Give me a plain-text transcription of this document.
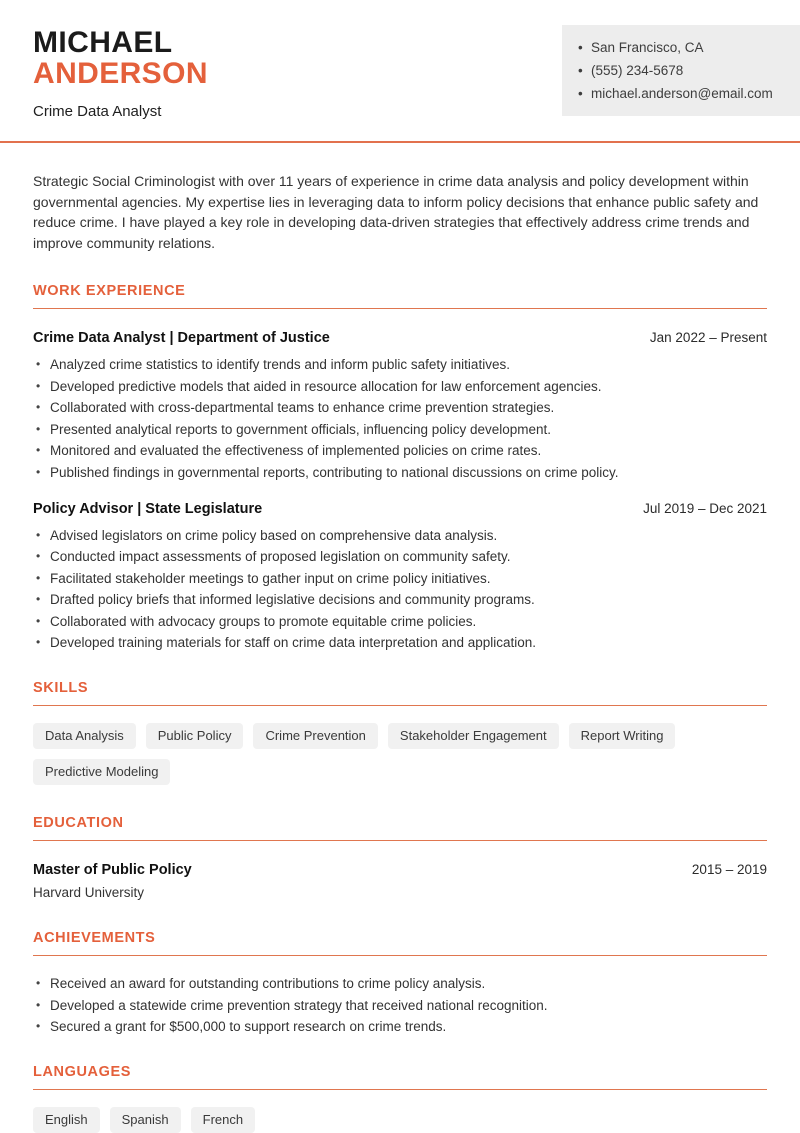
MICHAEL
ANDERSON
Crime Data Analyst
• San Francisco, CA
• (555) 234-5678
• michael.anderson@email.com

Strategic Social Criminologist with over 11 years of experience in crime data analysis and policy development within governmental agencies. My expertise lies in leveraging data to inform policy decisions that enhance public safety and reduce crime. I have played a key role in developing data-driven strategies that effectively address crime trends and improve community relations.

WORK EXPERIENCE
Crime Data Analyst | Department of Justice	Jan 2022 – Present
• Analyzed crime statistics to identify trends and inform public safety initiatives.
• Developed predictive models that aided in resource allocation for law enforcement agencies.
• Collaborated with cross-departmental teams to enhance crime prevention strategies.
• Presented analytical reports to government officials, influencing policy development.
• Monitored and evaluated the effectiveness of implemented policies on crime rates.
• Published findings in governmental reports, contributing to national discussions on crime policy.
Policy Advisor | State Legislature	Jul 2019 – Dec 2021
• Advised legislators on crime policy based on comprehensive data analysis.
• Conducted impact assessments of proposed legislation on community safety.
• Facilitated stakeholder meetings to gather input on crime policy initiatives.
• Drafted policy briefs that informed legislative decisions and community programs.
• Collaborated with advocacy groups to promote equitable crime policies.
• Developed training materials for staff on crime data interpretation and application.
SKILLS
Data Analysis	Public Policy	Crime Prevention	Stakeholder Engagement	Report Writing
Predictive Modeling
EDUCATION
Master of Public Policy	2015 – 2019
Harvard University
ACHIEVEMENTS
• Received an award for outstanding contributions to crime policy analysis.
• Developed a statewide crime prevention strategy that received national recognition.
• Secured a grant for $500,000 to support research on crime trends.
LANGUAGES
English	Spanish	French
